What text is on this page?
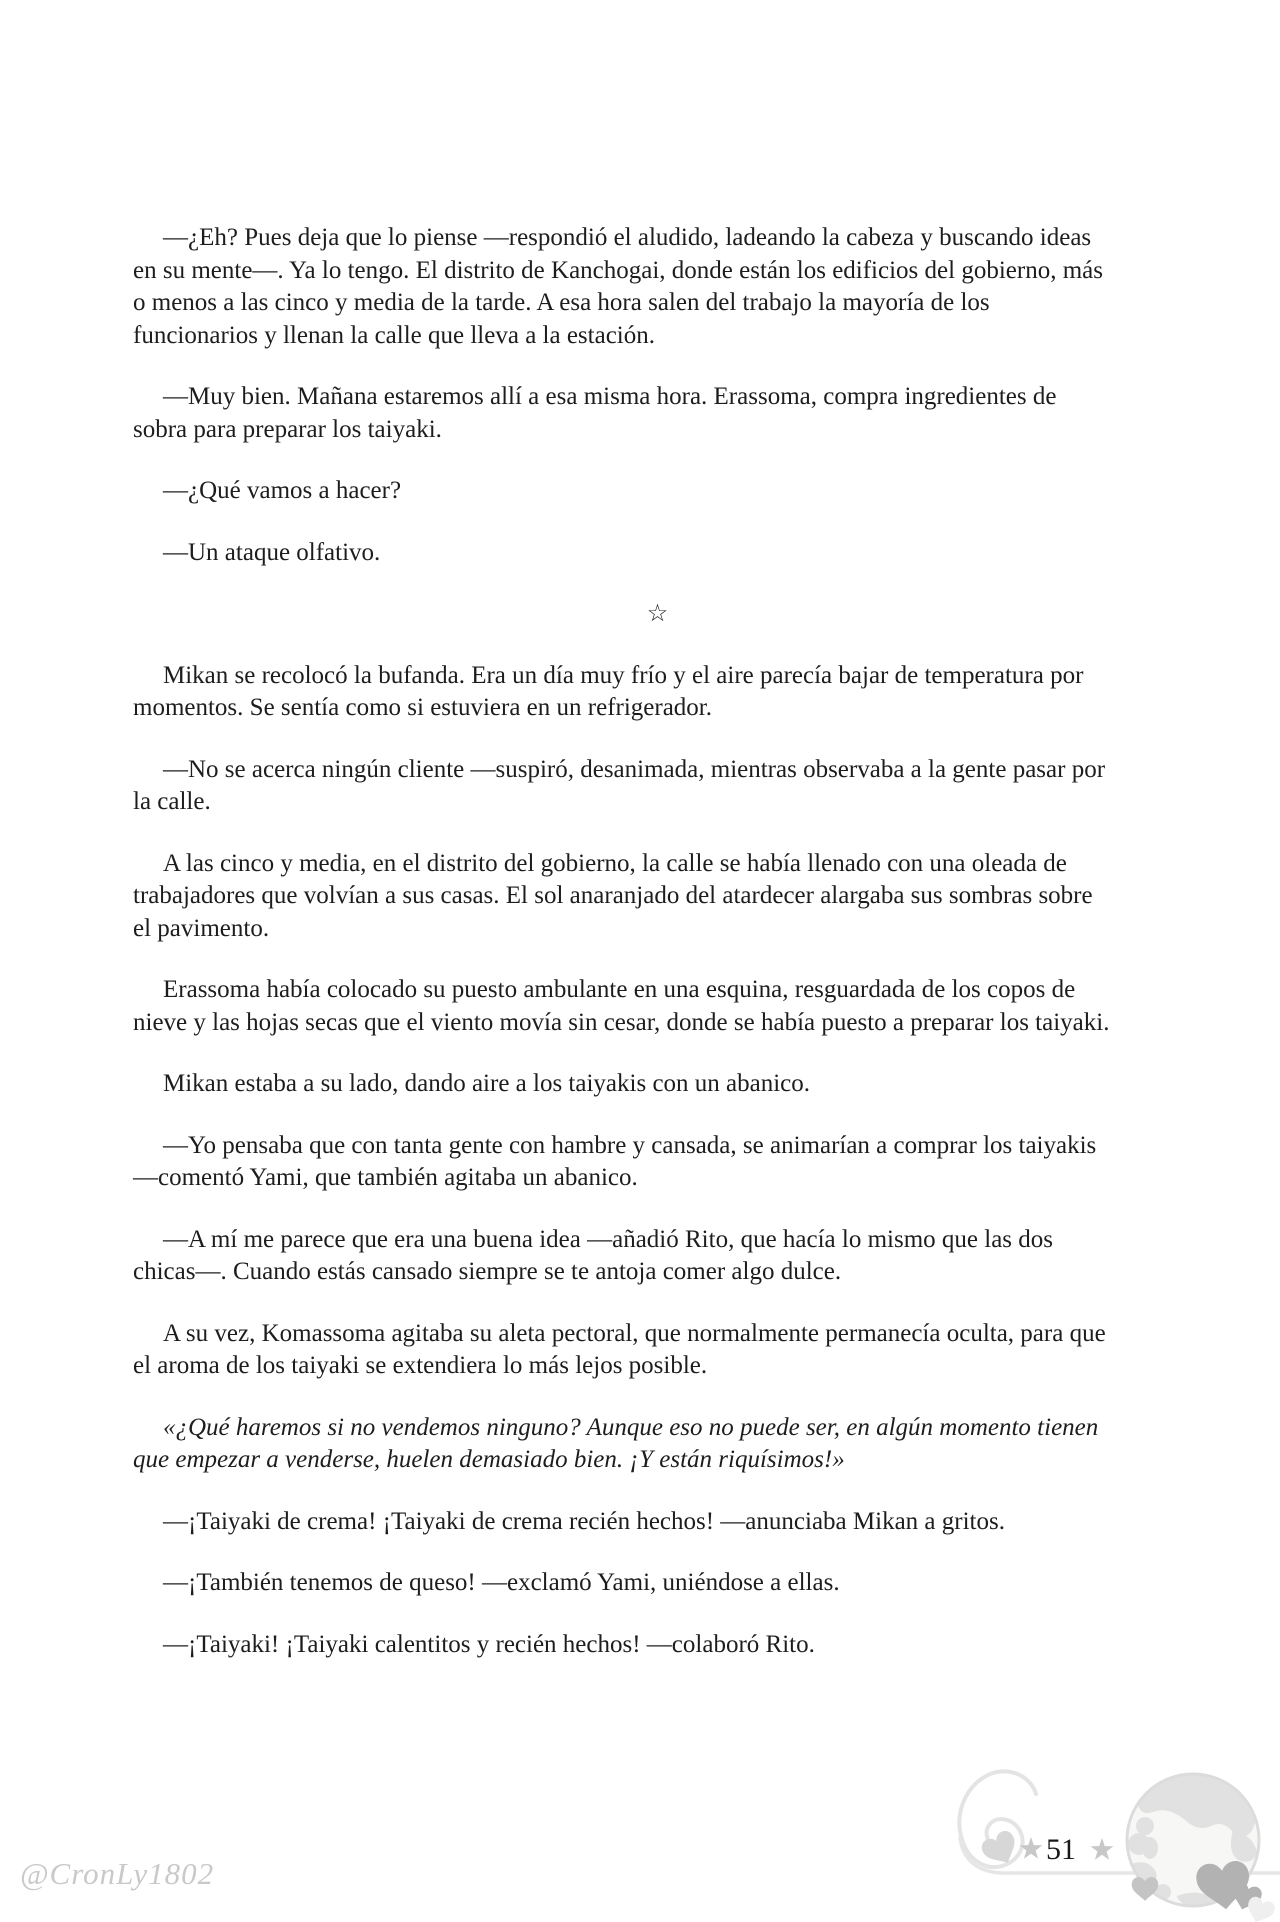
—¿Eh? Pues deja que lo piense —respondió el aludido, ladeando la cabeza y buscando ideas en su mente—. Ya lo tengo. El distrito de Kanchogai, donde están los edificios del gobierno, más o menos a las cinco y media de la tarde. A esa hora salen del trabajo la mayoría de los funcionarios y llenan la calle que lleva a la estación.

—Muy bien. Mañana estaremos allí a esa misma hora. Erassoma, compra ingredientes de sobra para preparar los taiyaki.

—¿Qué vamos a hacer?

—Un ataque olfativo.

☆

Mikan se recolocó la bufanda. Era un día muy frío y el aire parecía bajar de temperatura por momentos. Se sentía como si estuviera en un refrigerador.

—No se acerca ningún cliente —suspiró, desanimada, mientras observaba a la gente pasar por la calle.

A las cinco y media, en el distrito del gobierno, la calle se había llenado con una oleada de trabajadores que volvían a sus casas. El sol anaranjado del atardecer alargaba sus sombras sobre el pavimento.

Erassoma había colocado su puesto ambulante en una esquina, resguardada de los copos de nieve y las hojas secas que el viento movía sin cesar, donde se había puesto a preparar los taiyaki.

Mikan estaba a su lado, dando aire a los taiyakis con un abanico.

—Yo pensaba que con tanta gente con hambre y cansada, se animarían a comprar los taiyakis —comentó Yami, que también agitaba un abanico.

—A mí me parece que era una buena idea —añadió Rito, que hacía lo mismo que las dos chicas—. Cuando estás cansado siempre se te antoja comer algo dulce.

A su vez, Komassoma agitaba su aleta pectoral, que normalmente permanecía oculta, para que el aroma de los taiyaki se extendiera lo más lejos posible.

«¿Qué haremos si no vendemos ninguno? Aunque eso no puede ser, en algún momento tienen que empezar a venderse, huelen demasiado bien. ¡Y están riquísimos!»

—¡Taiyaki de crema! ¡Taiyaki de crema recién hechos! —anunciaba Mikan a gritos.

—¡También tenemos de queso! —exclamó Yami, uniéndose a ellas.

—¡Taiyaki! ¡Taiyaki calentitos y recién hechos! —colaboró Rito.

51
@CronLy1802
